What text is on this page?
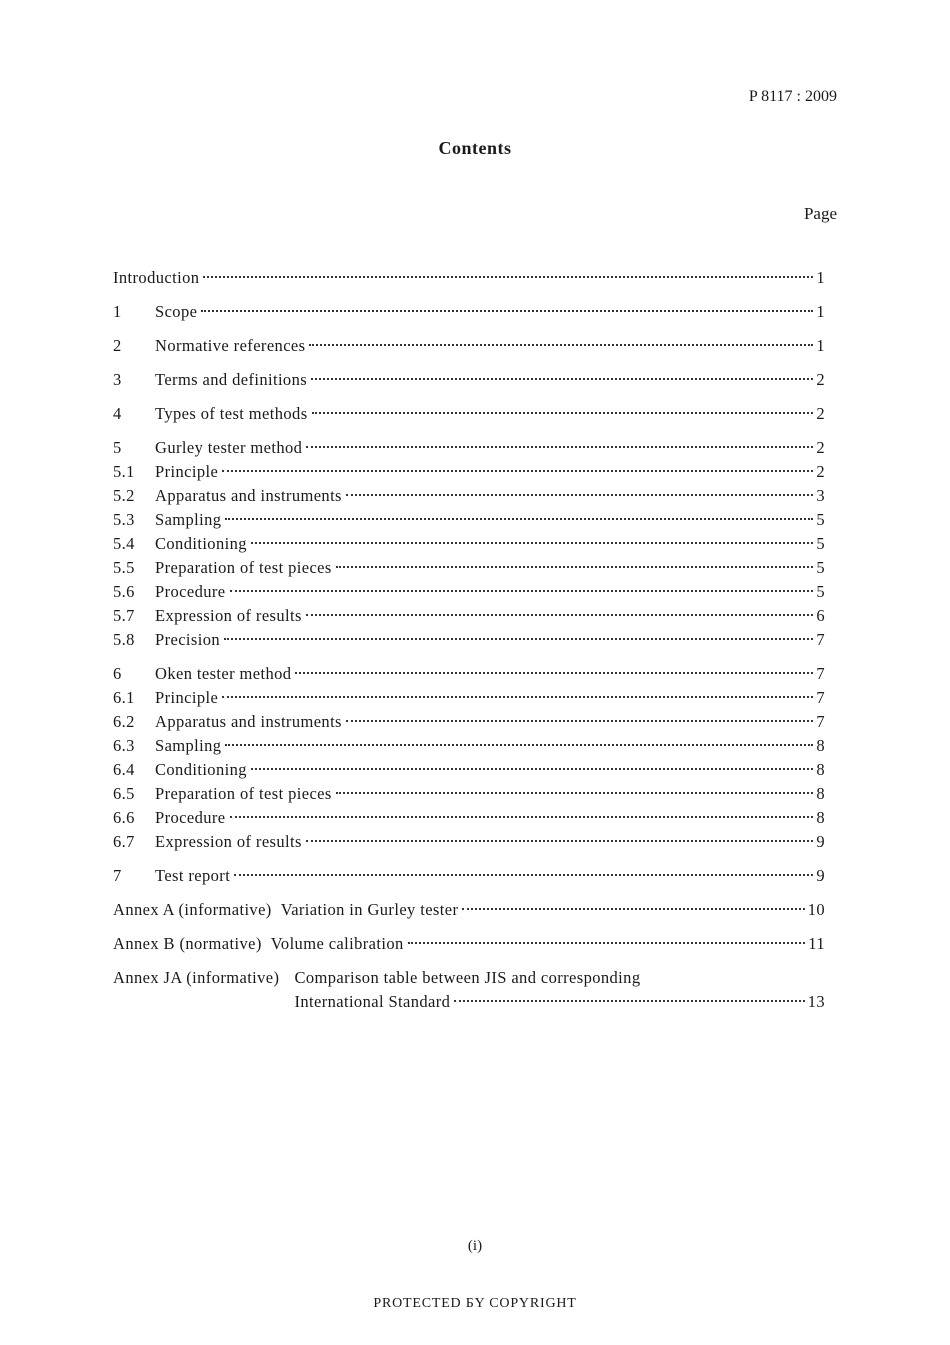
P 8117 : 2009
Contents
Page
Introduction	1
1	Scope	1
2	Normative references	1
3	Terms and definitions	2
4	Types of test methods	2
5	Gurley tester method	2
5.1	Principle	2
5.2	Apparatus and instruments	3
5.3	Sampling	5
5.4	Conditioning	5
5.5	Preparation of test pieces	5
5.6	Procedure	5
5.7	Expression of results	6
5.8	Precision	7
6	Oken tester method	7
6.1	Principle	7
6.2	Apparatus and instruments	7
6.3	Sampling	8
6.4	Conditioning	8
6.5	Preparation of test pieces	8
6.6	Procedure	8
6.7	Expression of results	9
7	Test report	9
Annex A (informative) Variation in Gurley tester	10
Annex B (normative) Volume calibration	11
Annex JA (informative) Comparison table between JIS and corresponding
International Standard	13
(i)
PROTECTED БY COPYRIGHT
